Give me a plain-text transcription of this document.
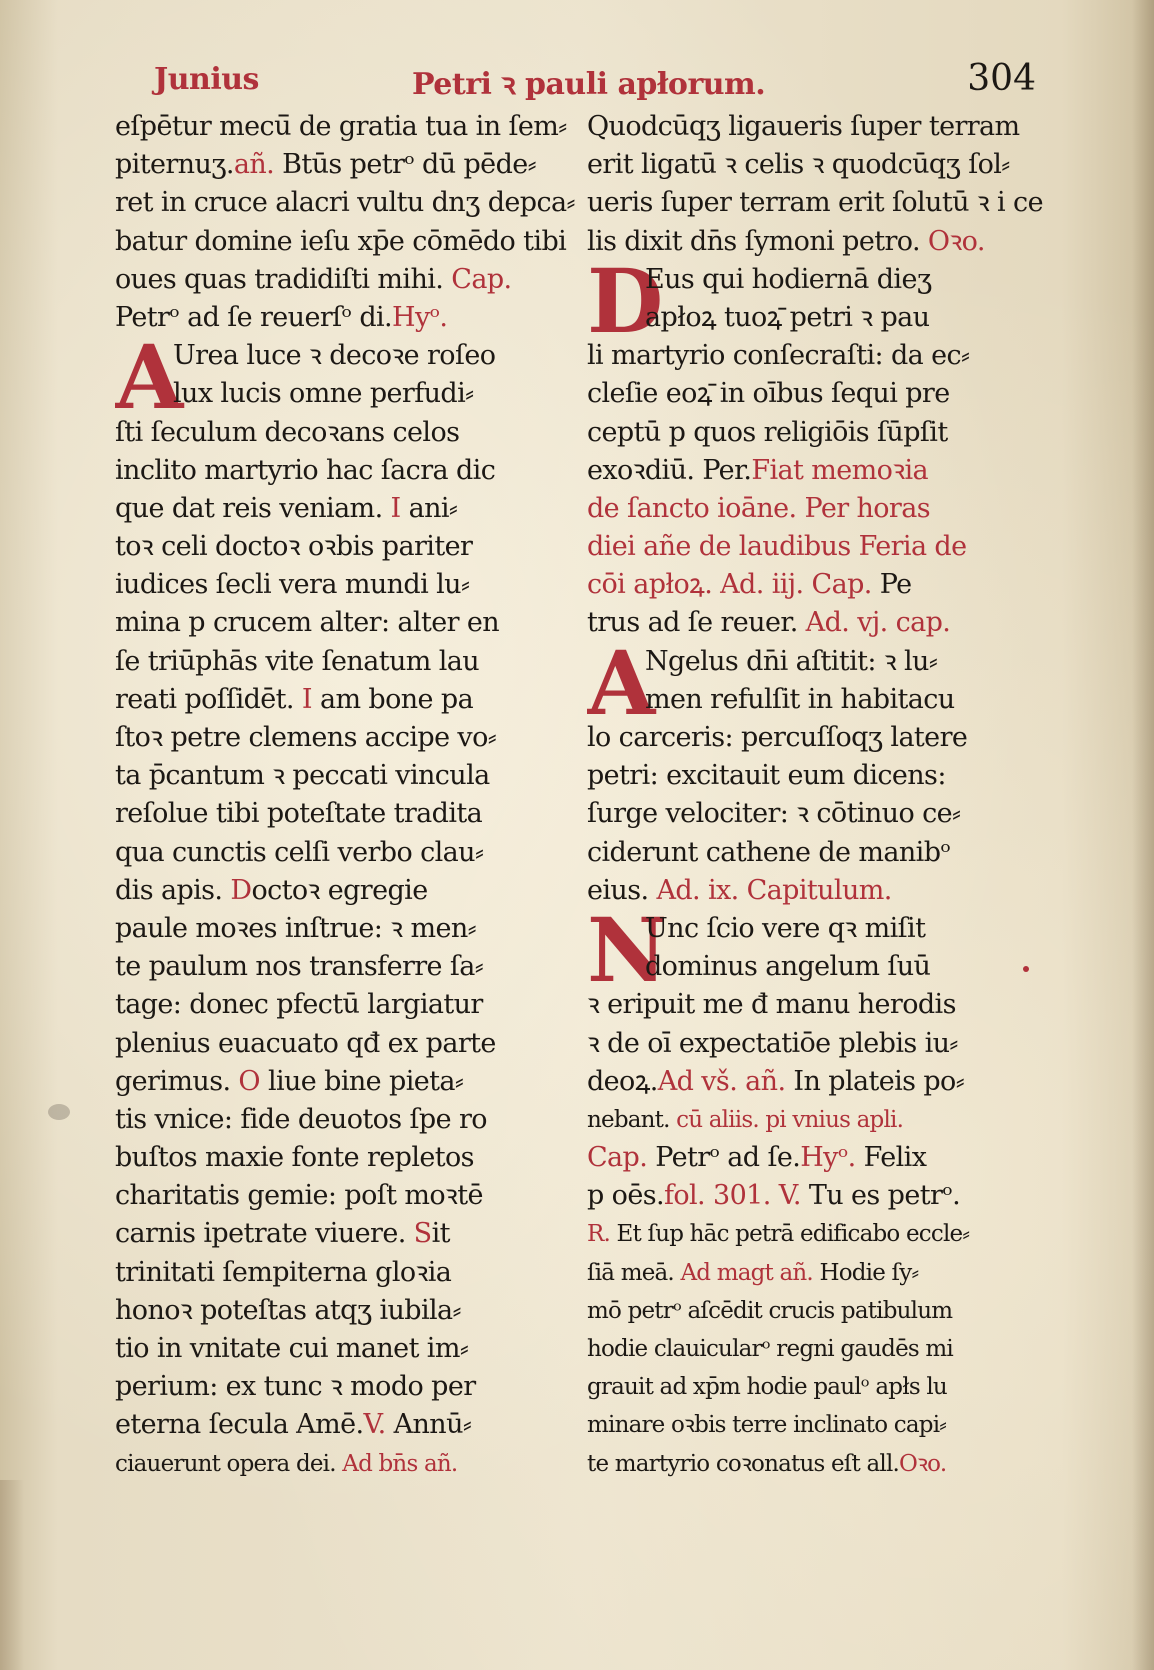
Junius	Petri ꝛ pauli apłorum.	304
eſpētur mecū̄ de gratia tua in ſem⸗
piternuʒ.añ. Btūs petrᵒ dū pēde⸗
ret in cruce alacri vultu dnʒ depca⸗
batur domine ieſu xp̄e cōmēdo tibi
oues quas tradidiſti mihi. Cap.
Petrᵒ ad ſe reuerſᵒ di.Hyᵒ.
A
Urea luce ꝛ decoꝛe roſeo
lux lucis omne perfudi⸗
ſti ſeculum decoꝛans celos
inclito martyrio hac ſacra dic
que dat reis veniam. I ani⸗
toꝛ celi doctoꝛ oꝛbis pariter
iudices ſecli vera mundi lu⸗
mina p crucem alter: alter en
ſe triūphās vite ſenatum lau
reati poſſidēt. I am bone pa
ſtoꝛ petre clemens accipe vo⸗
ta p̄cantum ꝛ peccati vincula
reſolue tibi poteſtate tradita
qua cunctis celſi verbo clau⸗
dis apis. Doctoꝛ egregie
paule moꝛes inſtrue: ꝛ men⸗
te paulum nos transferre ſa⸗
tage: donec pfectū largiatur
plenius euacuato qđ ex parte
gerimus. O liue bine pieta⸗
tis vnice: fide deuotos ſpe ro
buſtos maxie fonte repletos
charitatis gemie: poſt moꝛtē
carnis ipetrate viuere. Sit
trinitati ſempiterna gloꝛia
honoꝛ poteſtas atqʒ iubila⸗
tio in vnitate cui manet im⸗
perium: ex tunc ꝛ modo per
eterna ſecula Amē.V. Annū⸗
ciauerunt opera dei. Ad bn̄s añ.
Quodcūqʒ ligaueris ſuper terram
erit ligatū ꝛ celis ꝛ quodcūqʒ ſol⸗
ueris ſuper terram erit ſolutū ꝛ i ce
lis dixit dn̄s ſymoni petro. Oꝛo.
D
Eus qui hodiernā dieʒ
apłoꝝ tuoꝝ̄ petri ꝛ pau
li martyrio conſecraſti: da ec⸗
cleſie eoꝝ̄ in oībus ſequi pre
ceptū p quos religiōis ſūpſit
exoꝛdiū. Per.Fiat memoꝛia
de ſancto ioāne. Per horas
diei añe de laudibus Feria de
cōi apłoꝝ. Ad. iij. Cap. Pe
trus ad ſe reuer. Ad. vj. cap.
A
Ngelus dn̄i aſtitit: ꝛ lu⸗
men refulſit in habitacu
lo carceris: percuſſoqʒ latere
petri: excitauit eum dicens:
ſurge velociter: ꝛ cōtinuo ce⸗
ciderunt cathene de manibᵒ
eius. Ad. ix. Capitulum.
N
Unc ſcio vere qꝛ miſit
dominus angelum ſuū
ꝛ eripuit me đ manu herodis
ꝛ de oī expectatiōe plebis iu⸗
deoꝝ.Ad vš. añ. In plateis po⸗
nebant. cū aliis. pi vnius apli.
Cap. Petrᵒ ad ſe.Hyᵒ. Felix
p oēs.fol. 301. V. Tu es petrᵒ.
R. Et ſup hāc petrā edificabo eccle⸗
ſiā meā. Ad magt añ. Hodie ſy⸗
mō petrᵒ aſcēdit crucis patibulum
hodie clauicularᵒ regni gaudēs mi
grauit ad xp̄m hodie paulᵒ apłs lu
minare oꝛbis terre inclinato capi⸗
te martyrio coꝛonatus eſt all.Oꝛo.
